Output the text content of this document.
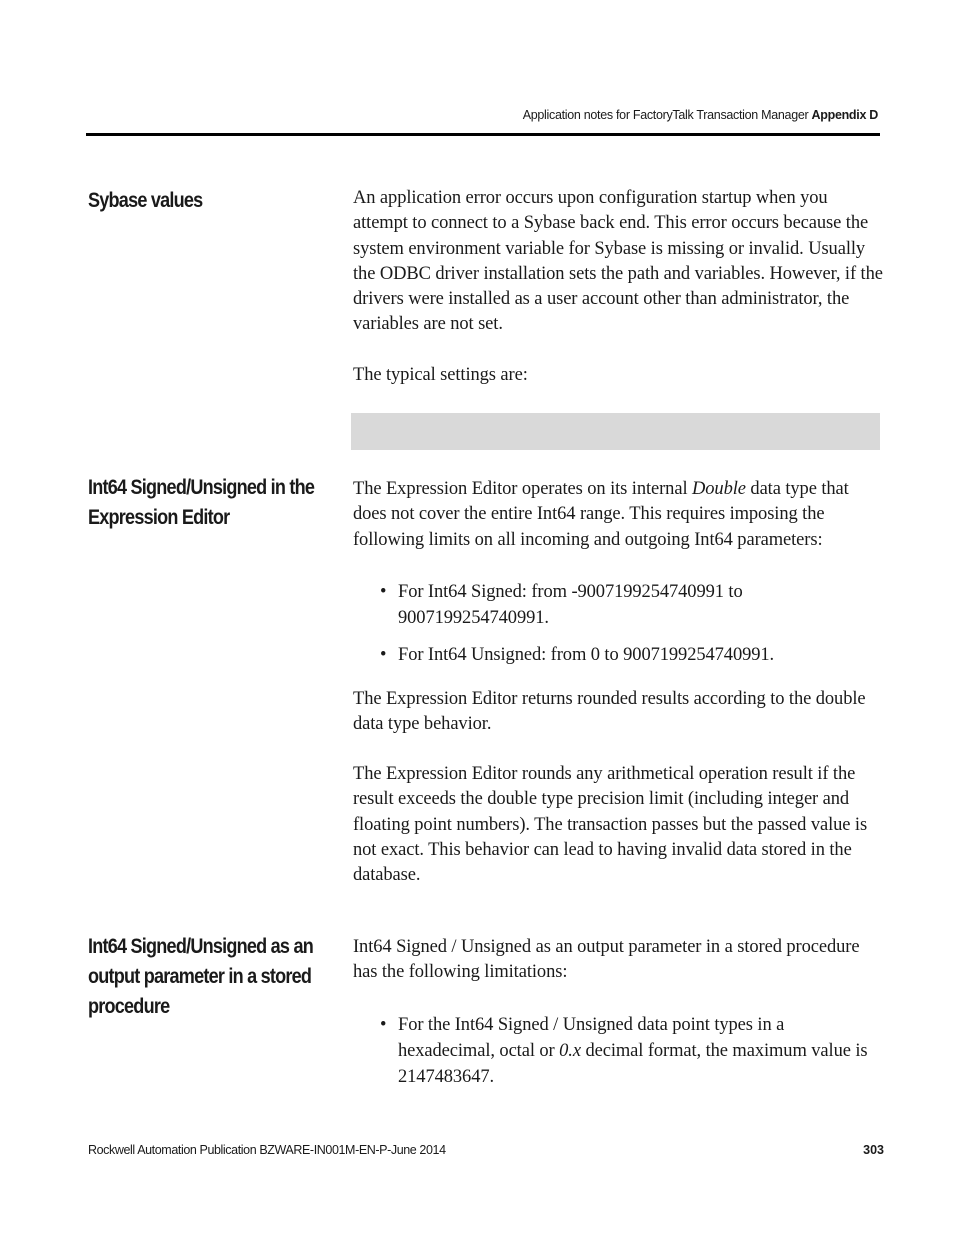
Application notes for FactoryTalk Transaction Manager Appendix D
Sybase values	An application error occurs upon configuration startup when you attempt to connect to a Sybase back end. This error occurs because the system environment variable for Sybase is missing or invalid. Usually the ODBC driver installation sets the path and variables. However, if the drivers were installed as a user account other than administrator, the variables are not set.

The typical settings are:

Int64 Signed/Unsigned in the Expression Editor

The Expression Editor operates on its internal Double data type that does not cover the entire Int64 range. This requires imposing the following limits on all incoming and outgoing Int64 parameters:

• For Int64 Signed: from -9007199254740991 to 9007199254740991.
• For Int64 Unsigned: from 0 to 9007199254740991.

The Expression Editor returns rounded results according to the double data type behavior.

The Expression Editor rounds any arithmetical operation result if the result exceeds the double type precision limit (including integer and floating point numbers). The transaction passes but the passed value is not exact. This behavior can lead to having invalid data stored in the database.

Int64 Signed/Unsigned as an output parameter in a stored procedure

Int64 Signed / Unsigned as an output parameter in a stored procedure has the following limitations:

• For the Int64 Signed / Unsigned data point types in a hexadecimal, octal or 0.x decimal format, the maximum value is 2147483647.
Rockwell Automation Publication BZWARE-IN001M-EN-P-June 2014	303
